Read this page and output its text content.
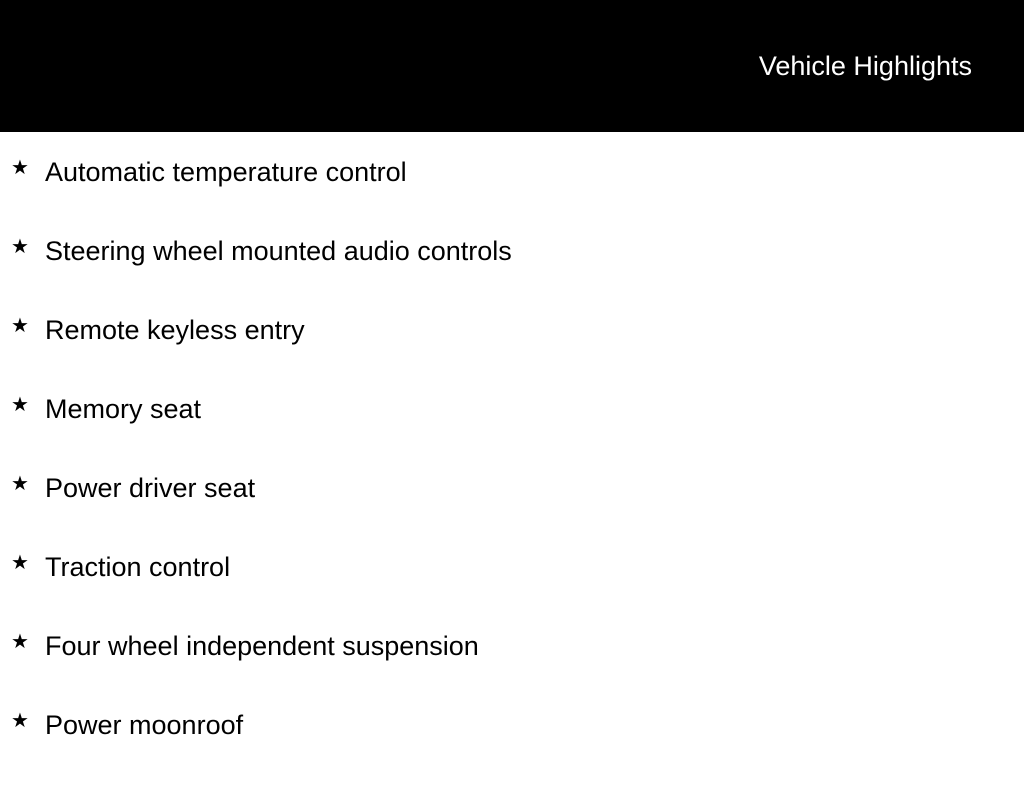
Vehicle Highlights
★ Automatic temperature control
★ Steering wheel mounted audio controls
★ Remote keyless entry
★ Memory seat
★ Power driver seat
★ Traction control
★ Four wheel independent suspension
★ Power moonroof
